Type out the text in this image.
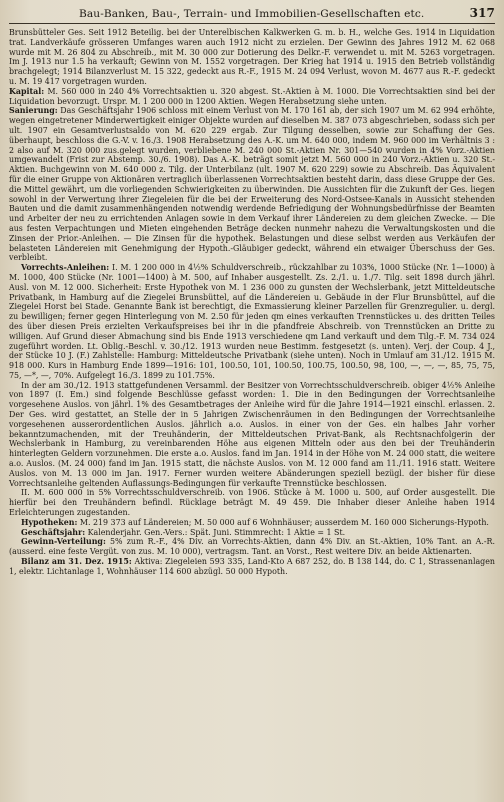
Bau-Banken, Bau-, Terrain- und Immobilien-Gesellschaften etc.	317

Brunsbütteler Ges. Seit 1912 Beteilig. bei der Unterelbischen Kalkwerken G. m. b. H., welche Ges. 1914 in Liquidation trat. Landverkäufe grösseren Umfanges waren auch 1912 nicht zu erzielen. Der Gewinn des Jahres 1912 M. 62 068 wurde mit M. 26 804 zu Abschreib., mit M. 30 000 zur Dotierung des Delkr.-F. verwendet u. mit M. 5263 vorgetragen. Im J. 1913 nur 1.5 ha verkauft; Gewinn von M. 1552 vorgetragen. Der Krieg hat 1914 u. 1915 den Betrieb vollständig brachgelegt; 1914 Bilanzverlust M. 15 322, gedeckt aus R.-F., 1915 M. 24 094 Verlust, wovon M. 4677 aus R.-F. gedeckt u. M. 19 417 vorgetragen wurden.

Kapital: M. 560 000 in 240 4% Vorrechtsaktien u. 320 abgest. St.-Aktien à M. 1000. Die Vorrechtsaktien sind bei der Liquidation bevorzugt. Urspr. M. 1 200 000 in 1200 Aktien. Wegen Herabsetzung siehe unten.

Sanierung: Das Geschäftsjahr 1906 schloss mit einem Verlust von M. 170 161 ab, der sich 1907 um M. 62 994 erhöhte, wegen eingetretener Minderwertigkeit einiger Objekte wurden auf dieselben M. 387 073 abgeschrieben, sodass sich per ult. 1907 ein Gesamtverlustsaldo von M. 620 229 ergab. Zur Tilgung desselben, sowie zur Schaffung der Ges. überhaupt, beschloss die G.-V. v. 16./3. 1908 Herabsetzung des A.-K. um M. 640 000, indem M. 960 000 im Verhältnis 3 : 2 also auf M. 320 000 zus.gelegt wurden, verbliebene M. 240 000 St.-Aktien Nr. 301—540 wurden in 4% Vorz.-Aktien umgewandelt (Frist zur Abstemp. 30./6. 1908). Das A.-K. beträgt somit jetzt M. 560 000 in 240 Vorz.-Aktien u. 320 St.-Aktien. Buchgewinn von M. 640 000 z. Tilg. der Unterbilanz (ult. 1907 M. 620 229) sowie zu Abschreib. Das Äquivalent für die einer Gruppe von Aktionären vertraglich überlassenen Vorrechtsaktien besteht darin, dass diese Gruppe der Ges. die Mittel gewährt, um die vorliegenden Schwierigkeiten zu überwinden. Die Aussichten für die Zukunft der Ges. liegen sowohl in der Verwertung ihrer Ziegeleien für die bei der Erweiterung des Nord-Ostsee-Kanals in Aussicht stehenden Bauten und die damit zusammenhängenden notwendig werdende Befriedigung der Wohnungsbedürfnisse der Beamten und Arbeiter der neu zu errichtenden Anlagen sowie in dem Verkauf ihrer Ländereien zu dem gleichen Zwecke. — Die aus festen Verpachtungen und Mieten eingehenden Beträge decken nunmehr nahezu die Verwaltungskosten und die Zinsen der Prior.-Anleihen. — Die Zinsen für die hypothek. Belastungen und diese selbst werden aus Verkäufen der belasteten Ländereien mit Genehmigung der Hypoth.-Gläubiger gedeckt, während ein etwaiger Überschuss der Ges. verbleibt.

Vorrechts-Anleihen: I. M. 1 200 000 in 4½% Schuldverschreib., rückzahlbar zu 103%, 1000 Stücke (Nr. 1—1000) à M. 1000, 400 Stücke (Nr. 1001—1400) à M. 500, auf Inhaber ausgestellt. Zs. 2./1. u. 1./7. Tilg. seit 1898 durch jährl. Ausl. von M. 12 000. Sicherheit: Erste Hypothek von M. 1 236 000 zu gunsten der Wechslerbank, jetzt Mitteldeutsche Privatbank, in Hamburg auf die Ziegelei Brunsbüttel, auf die Ländereien u. Gebäude in der Flur Brunsbüttel, auf die Ziegelei Horst bei Stade. Genannte Bank ist berechtigt, die Exmassierung kleiner Parzellen für Grenzregulier. u. dergl. zu bewilligen; ferner gegen Hinterlegung von M. 2.50 für jeden qm eines verkauften Trennstückes u. des dritten Teiles des über diesen Preis erzielten Verkaufspreises bei ihr in die pfandfreie Abschreib. von Trennstücken an Dritte zu willigen. Auf Grund dieser Abmachung sind bis Ende 1913 verschiedene qm Land verkauft und dem Tilg.-F. M. 734 024 zugeführt worden. Lt. Oblig.-Beschl. v. 30./12. 1913 wurden neue Bestimm. festgesetzt (s. unten). Verj. der Coup. 4 J., der Stücke 10 J. (F.) Zahlstelle: Hamburg: Mitteldeutsche Privatbank (siehe unten). Noch in Umlauf am 31./12. 1915 M. 918 000. Kurs in Hamburg Ende 1899—1916: 101, 100.50, 101, 100.50, 100.75, 100.50, 98, 100, —, —, —, 85, 75, 75, 75, —*, —, 70%. Aufgelegt 16./3. 1899 zu 101.75%.

In der am 30./12. 1913 stattgefundenen Versamml. der Besitzer von Vorrechtsschuldverschreib. obiger 4½% Anleihe von 1897 (I. Em.) sind folgende Beschlüsse gefasst worden: 1. Die in den Bedingungen der Vorrechtsanleihe vorgesehene Auslos. von jährl. 1% des Gesamtbetrages der Anleihe wird für die Jahre 1914—1921 einschl. erlassen. 2. Der Ges. wird gestattet, an Stelle der in 5 Jahrigen Zwischenräumen in den Bedingungen der Vorrechtsanleihe vorgesehenen ausserordentlichen Auslos. jährlich a.o. Auslos. in einer von der Ges. ein halbes Jahr vorher bekanntzumachenden, mit der Treuhänderin, der Mitteldeutschen Privat-Bank, als Rechtsnachfolgerin der Wechslerbank in Hamburg, zu vereinbarenden Höhe aus eigenen Mitteln oder aus den bei der Treuhänderin hinterlegten Geldern vorzunehmen. Die erste a.o. Auslos. fand im Jan. 1914 in der Höhe von M. 24 000 statt, die weitere a.o. Auslos. (M. 24 000) fand im Jan. 1915 statt, die nächste Auslos. von M. 12 000 fand am 11./11. 1916 statt. Weitere Auslos. von M. 13 000 im Jan. 1917. Ferner wurden weitere Abänderungen speziell bezügl. der bisher für diese Vorrechtsanleihe geltenden Auflassungs-Bedingungen für verkaufte Trennstücke beschlossen.

II. M. 600 000 in 5% Vorrechtsschuldverschreib. von 1906. Stücke à M. 1000 u. 500, auf Order ausgestellt. Die hierfür bei den Treuhändern befindl. Rücklage beträgt M. 49 459. Die Inhaber dieser Anleihe haben 1914 Erleichterungen zugestanden.

Hypotheken: M. 219 373 auf Ländereien; M. 50 000 auf 6 Wohnhäuser; ausserdem M. 160 000 Sicherungs-Hypoth.

Geschäftsjahr: Kalenderjahr. Gen.-Vers.: Spät. Juni. Stimmrecht: 1 Aktie = 1 St.

Gewinn-Verteilung: 5% zum R.-F., 4% Div. an Vorrechts-Aktien, dann 4% Div. an St.-Aktien, 10% Tant. an A.-R. (ausserd. eine feste Vergüt. von zus. M. 10 000), vertragsm. Tant. an Vorst., Rest weitere Div. an beide Aktienarten.

Bilanz am 31. Dez. 1915: Aktiva: Ziegeleien 593 335, Land-Kto A 687 252, do. B 138 144, do. C 1, Strassenanlagen 1, elektr. Lichtanlage 1, Wohnhäuser 114 600 abzügl. 50 000 Hypoth.
